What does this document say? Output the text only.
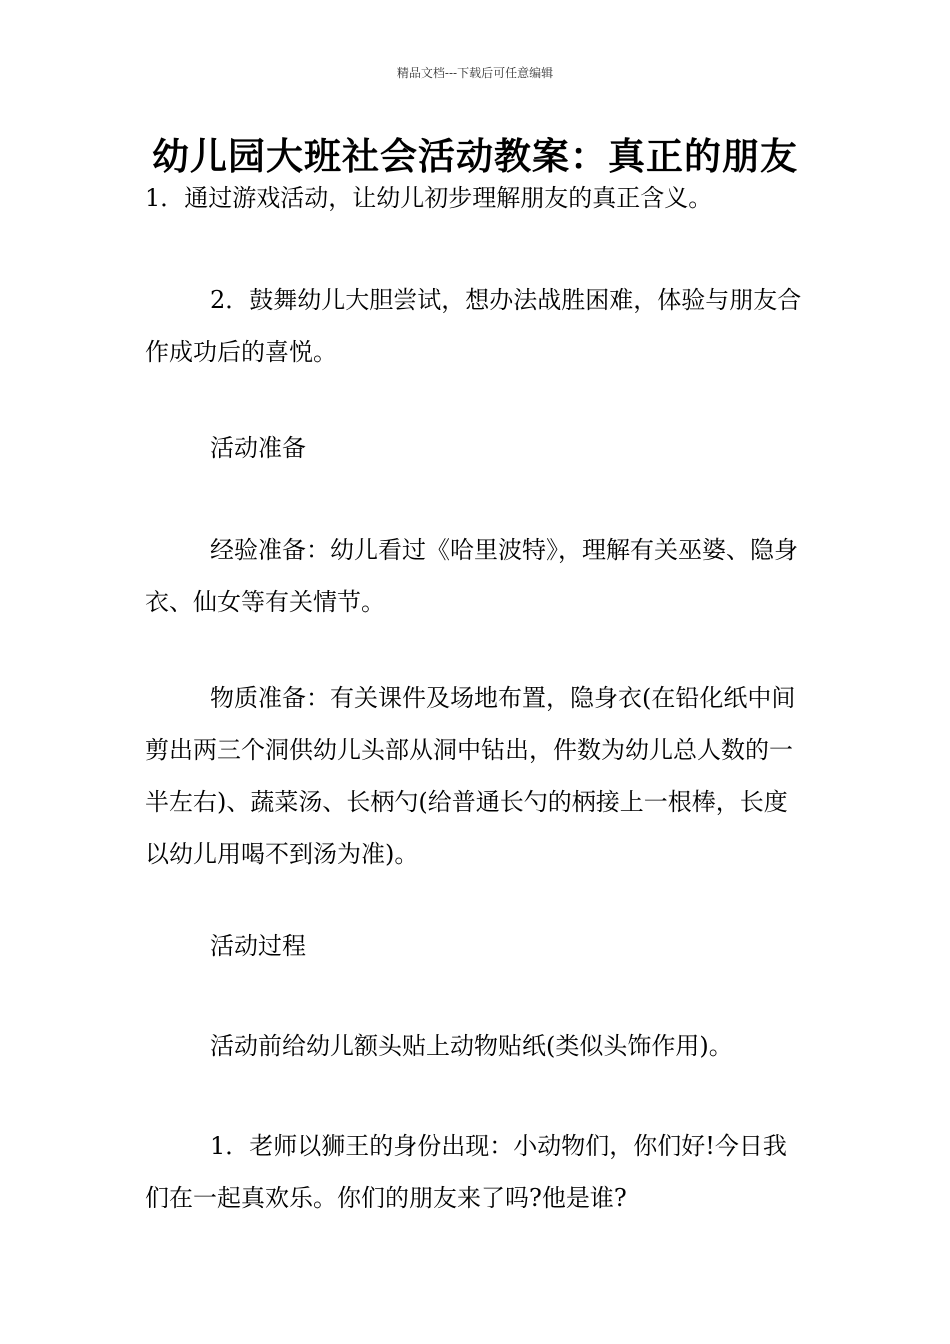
精品文档---下载后可任意编辑
幼儿园大班社会活动教案：真正的朋友

1．通过游戏活动，让幼儿初步理解朋友的真正含义。

2．鼓舞幼儿大胆尝试，想办法战胜困难，体验与朋友合作成功后的喜悦。

活动准备

经验准备：幼儿看过《哈里波特》，理解有关巫婆、隐身衣、仙女等有关情节。

物质准备：有关课件及场地布置，隐身衣(在铅化纸中间剪出两三个洞供幼儿头部从洞中钻出，件数为幼儿总人数的一半左右)、蔬菜汤、长柄勺(给普通长勺的柄接上一根棒，长度以幼儿用喝不到汤为准)。

活动过程

活动前给幼儿额头贴上动物贴纸(类似头饰作用)。

1．老师以狮王的身份出现：小动物们，你们好!今日我们在一起真欢乐。你们的朋友来了吗?他是谁?
